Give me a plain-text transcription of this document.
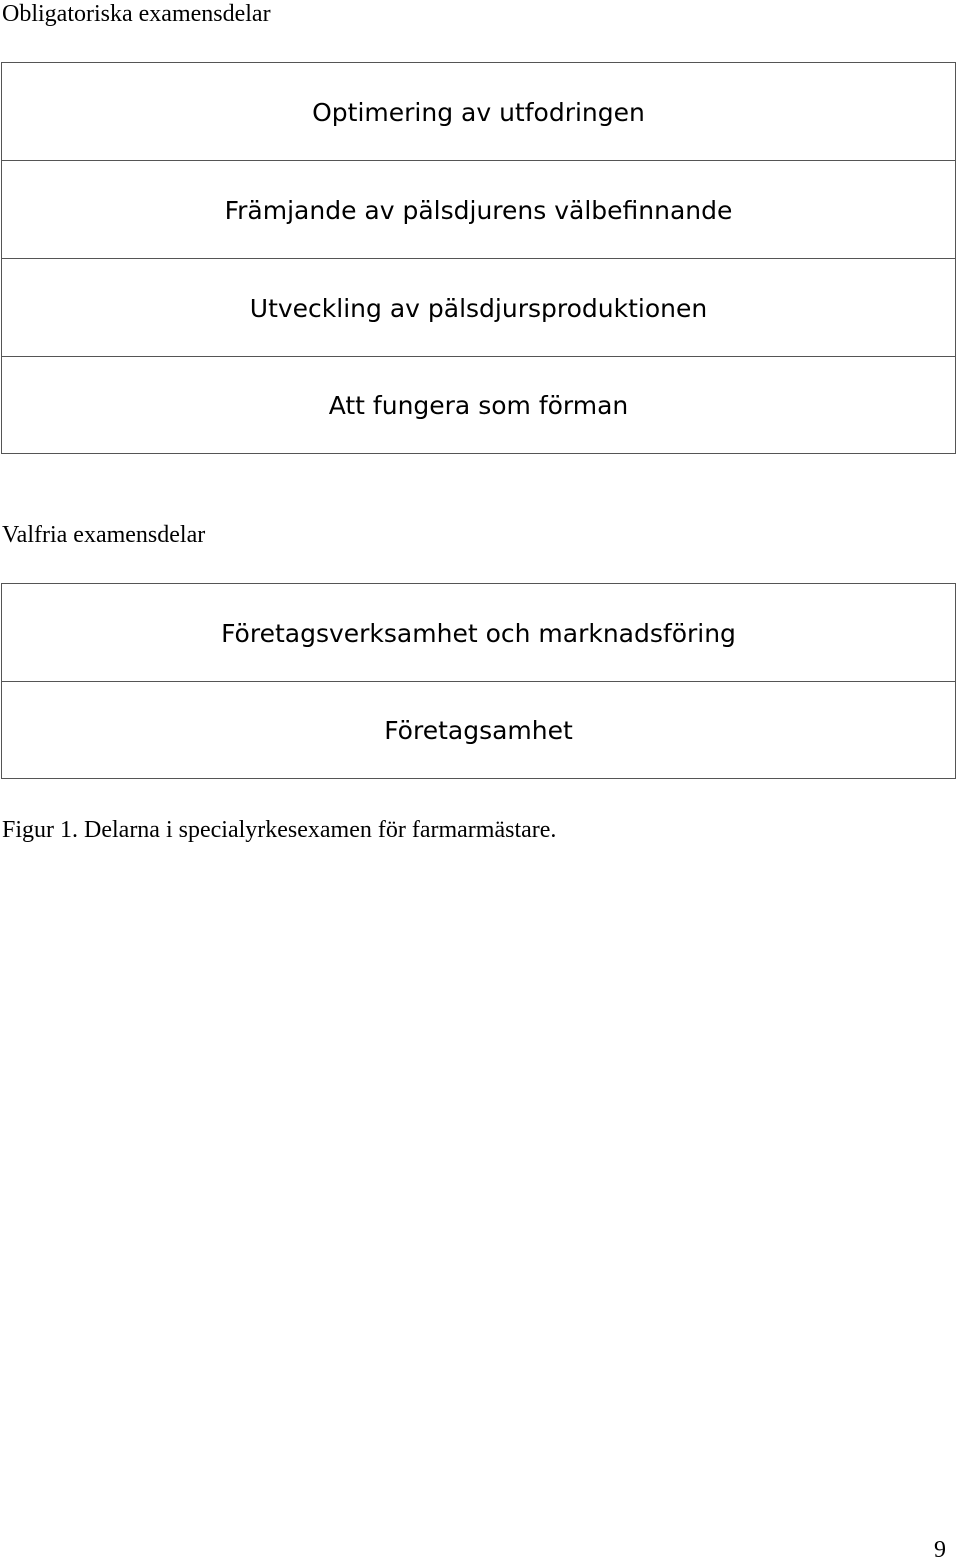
Obligatoriska examensdelar
Optimering av utfodringen
Främjande av pälsdjurens välbefinnande
Utveckling av pälsdjursproduktionen
Att fungera som förman
Valfria examensdelar
Företagsverksamhet och marknadsföring
Företagsamhet
Figur 1. Delarna i specialyrkesexamen för farmarmästare.
9
